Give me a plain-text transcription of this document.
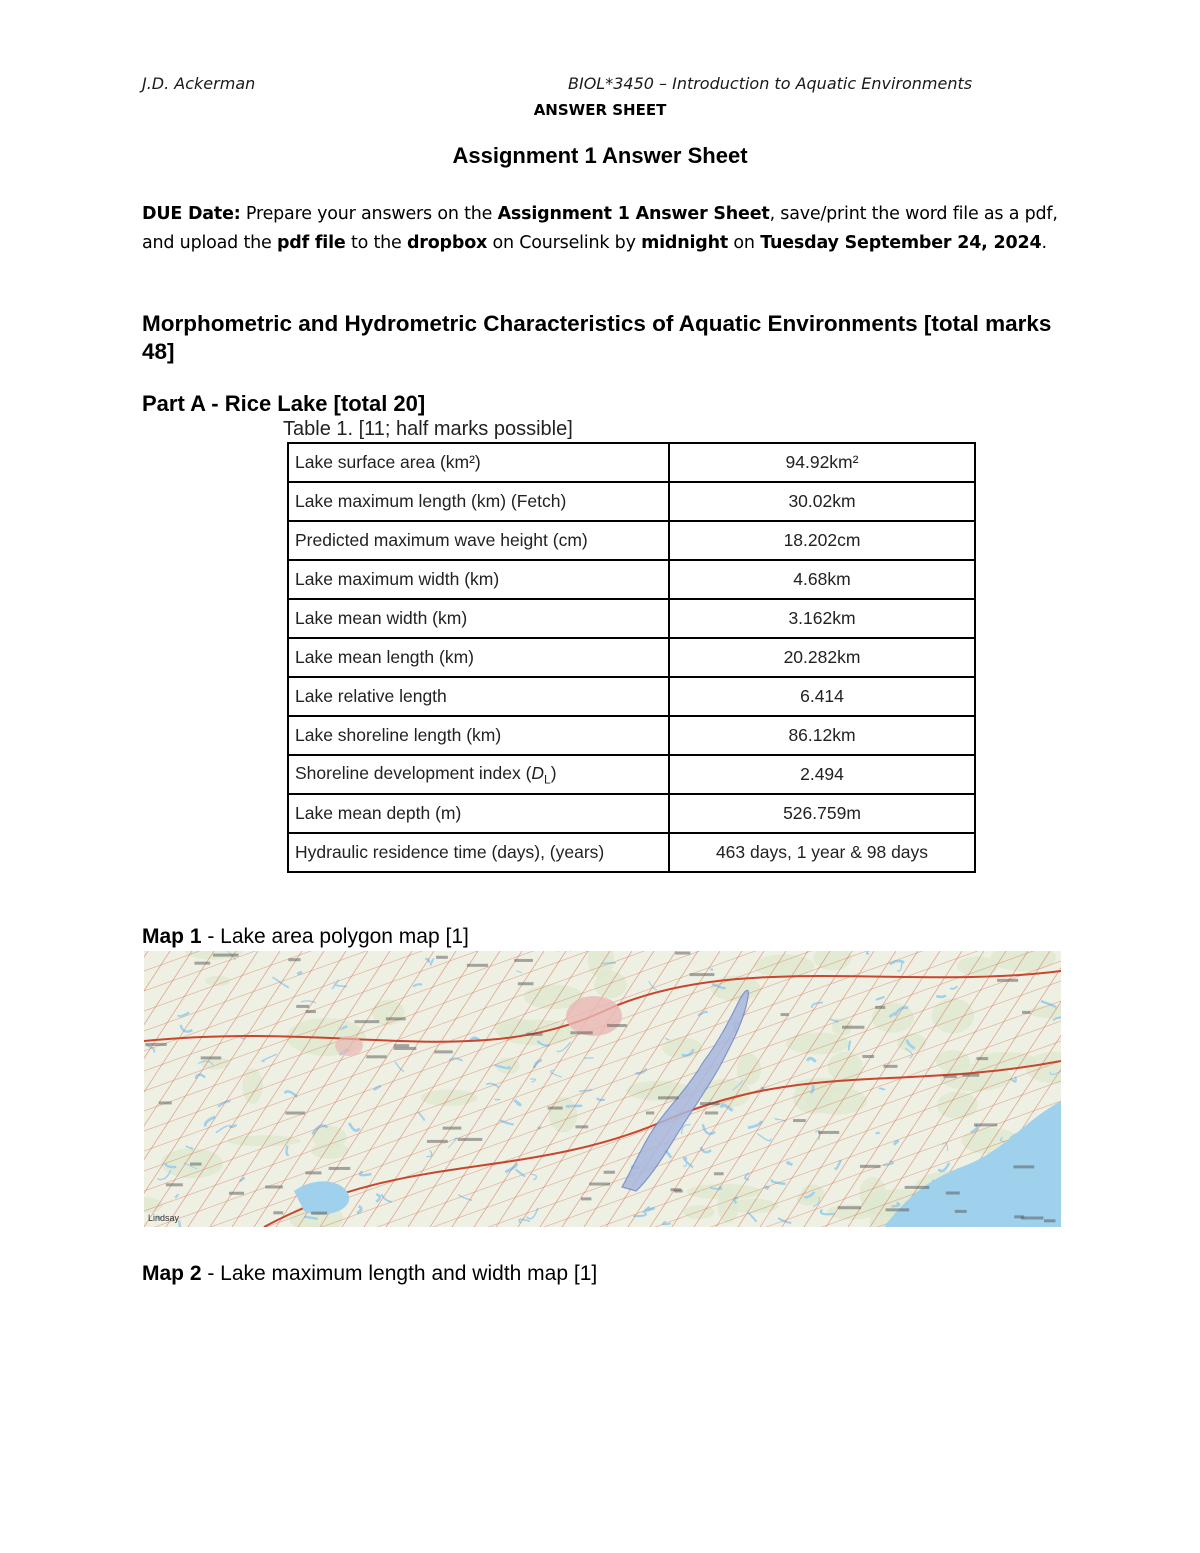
J.D. Ackerman	BIOL*3450 – Introduction to Aquatic Environments
ANSWER SHEET
Assignment 1 Answer Sheet
DUE Date: Prepare your answers on the Assignment 1 Answer Sheet, save/print the word file as a pdf, and upload the pdf file to the dropbox on Courselink by midnight on Tuesday September 24, 2024.
Morphometric and Hydrometric Characteristics of Aquatic Environments [total marks 48]
Part A - Rice Lake [total 20]
Table 1. [11; half marks possible]
Lake surface area (km²)	94.92km²
Lake maximum length (km) (Fetch)	30.02km
Predicted maximum wave height (cm)	18.202cm
Lake maximum width (km)	4.68km
Lake mean width (km)	3.162km
Lake mean length (km)	20.282km
Lake relative length	6.414
Lake shoreline length (km)	86.12km
Shoreline development index $(D_L)$	2.494
Lake mean depth (m)	526.759m
Hydraulic residence time (days), (years)	463 days, 1 year & 98 days
Map 1 - Lake area polygon map [1]
Lindsay
Map 2 - Lake maximum length and width map [1]
